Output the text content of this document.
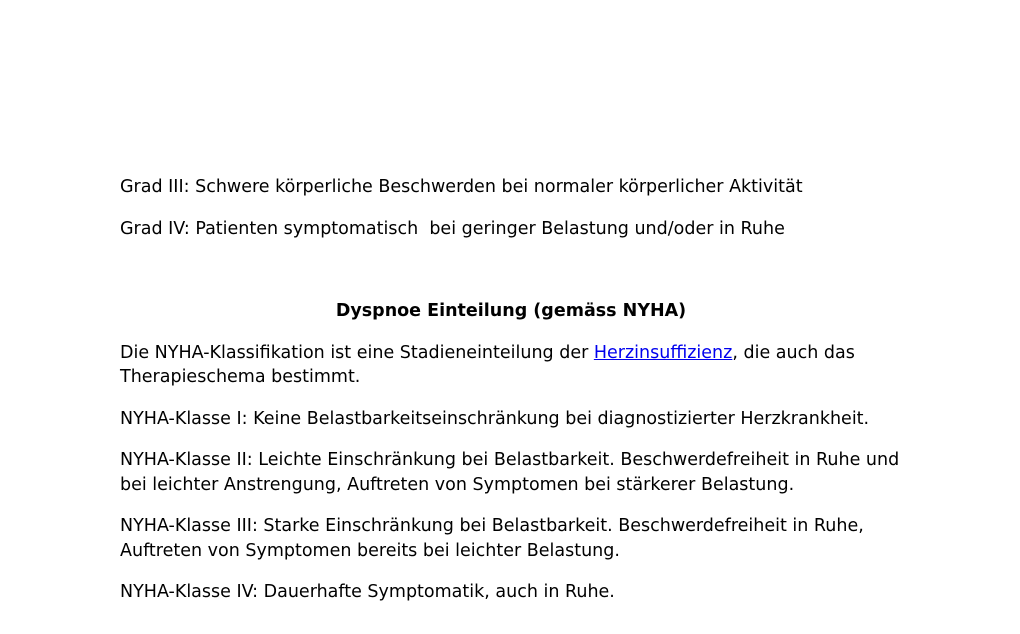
Grad III: Schwere körperliche Beschwerden bei normaler körperlicher Aktivität

Grad IV: Patienten symptomatisch  bei geringer Belastung und/oder in Ruhe

Dyspnoe Einteilung (gemäss NYHA)

Die NYHA-Klassifikation ist eine Stadieneinteilung der Herzinsuffizienz, die auch das Therapieschema bestimmt.

NYHA-Klasse I: Keine Belastbarkeitseinschränkung bei diagnostizierter Herzkrankheit.

NYHA-Klasse II: Leichte Einschränkung bei Belastbarkeit. Beschwerdefreiheit in Ruhe und bei leichter Anstrengung, Auftreten von Symptomen bei stärkerer Belastung.

NYHA-Klasse III: Starke Einschränkung bei Belastbarkeit. Beschwerdefreiheit in Ruhe, Auftreten von Symptomen bereits bei leichter Belastung.

NYHA-Klasse IV: Dauerhafte Symptomatik, auch in Ruhe.
